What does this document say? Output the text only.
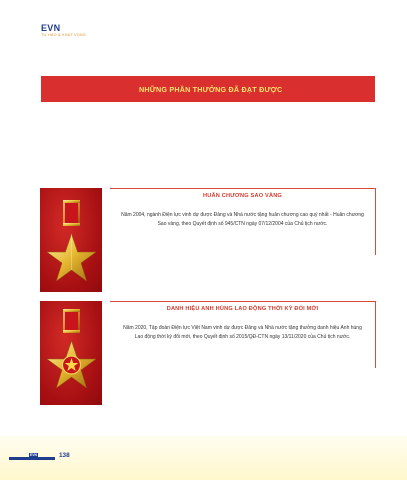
EVN
TỰ HÀO & KHÁT VỌNG
NHỮNG PHẦN THƯỞNG ĐÃ ĐẠT ĐƯỢC
HUÂN CHƯƠNG SAO VÀNG
Năm 2004, ngành Điện lực vinh dự được Đảng và Nhà nước tặng huân chương cao quý nhất - Huân chương Sao vàng, theo Quyết định số 945/CTN ngày 07/12/2004 của Chủ tịch nước.
DANH HIỆU ANH HÙNG LAO ĐỘNG THỜI KỲ ĐỔI MỚI
Năm 2020, Tập đoàn Điện lực Việt Nam vinh dự được Đảng và Nhà nước tặng thưởng danh hiệu Anh hùng Lao động thời kỳ đổi mới, theo Quyết định số 2015/QĐ-CTN ngày 13/11/2020 của Chủ tịch nước.
EVN	138
